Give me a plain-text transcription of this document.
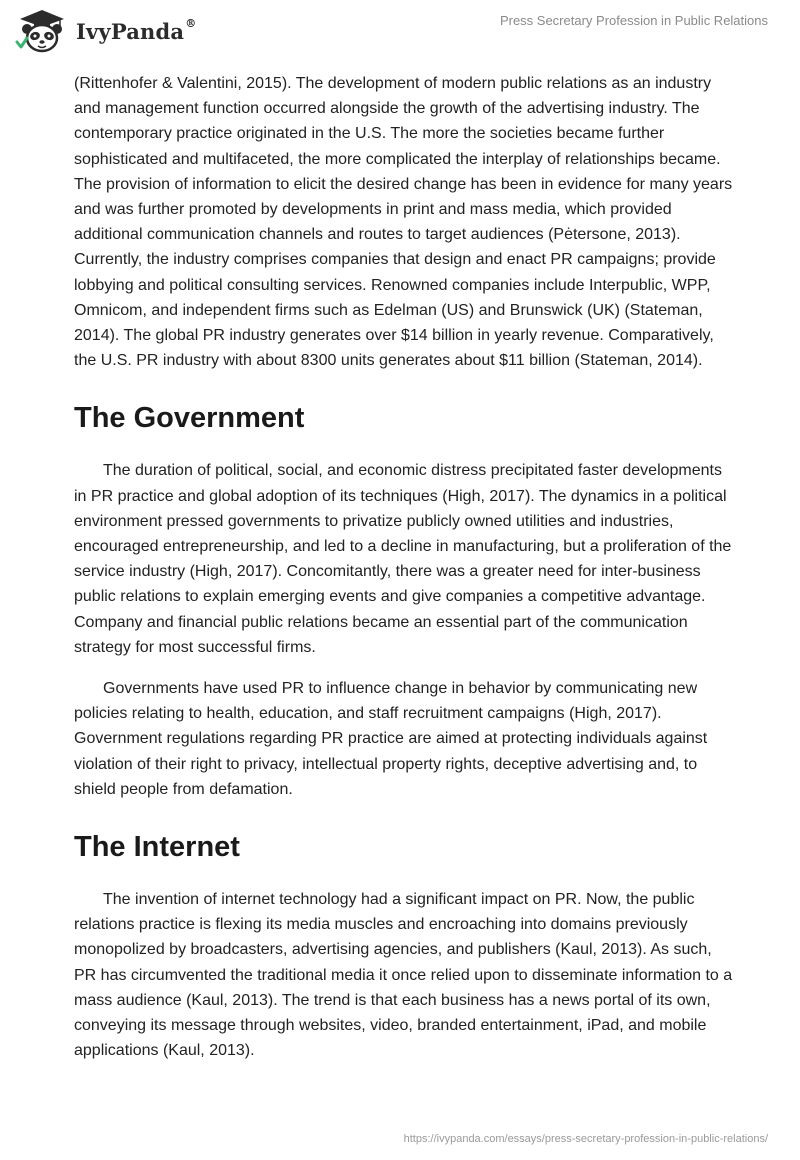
IvyPanda®	Press Secretary Profession in Public Relations

(Rittenhofer & Valentini, 2015). The development of modern public relations as an industry and management function occurred alongside the growth of the advertising industry. The contemporary practice originated in the U.S. The more the societies became further sophisticated and multifaceted, the more complicated the interplay of relationships became. The provision of information to elicit the desired change has been in evidence for many years and was further promoted by developments in print and mass media, which provided additional communication channels and routes to target audiences (Pėtersone, 2013). Currently, the industry comprises companies that design and enact PR campaigns; provide lobbying and political consulting services. Renowned companies include Interpublic, WPP, Omnicom, and independent firms such as Edelman (US) and Brunswick (UK) (Stateman, 2014). The global PR industry generates over $14 billion in yearly revenue. Comparatively, the U.S. PR industry with about 8300 units generates about $11 billion (Stateman, 2014).

The Government

The duration of political, social, and economic distress precipitated faster developments in PR practice and global adoption of its techniques (High, 2017). The dynamics in a political environment pressed governments to privatize publicly owned utilities and industries, encouraged entrepreneurship, and led to a decline in manufacturing, but a proliferation of the service industry (High, 2017). Concomitantly, there was a greater need for inter-business public relations to explain emerging events and give companies a competitive advantage. Company and financial public relations became an essential part of the communication strategy for most successful firms.

Governments have used PR to influence change in behavior by communicating new policies relating to health, education, and staff recruitment campaigns (High, 2017). Government regulations regarding PR practice are aimed at protecting individuals against violation of their right to privacy, intellectual property rights, deceptive advertising and, to shield people from defamation.

The Internet

The invention of internet technology had a significant impact on PR. Now, the public relations practice is flexing its media muscles and encroaching into domains previously monopolized by broadcasters, advertising agencies, and publishers (Kaul, 2013). As such, PR has circumvented the traditional media it once relied upon to disseminate information to a mass audience (Kaul, 2013). The trend is that each business has a news portal of its own, conveying its message through websites, video, branded entertainment, iPad, and mobile applications (Kaul, 2013).

https://ivypanda.com/essays/press-secretary-profession-in-public-relations/
